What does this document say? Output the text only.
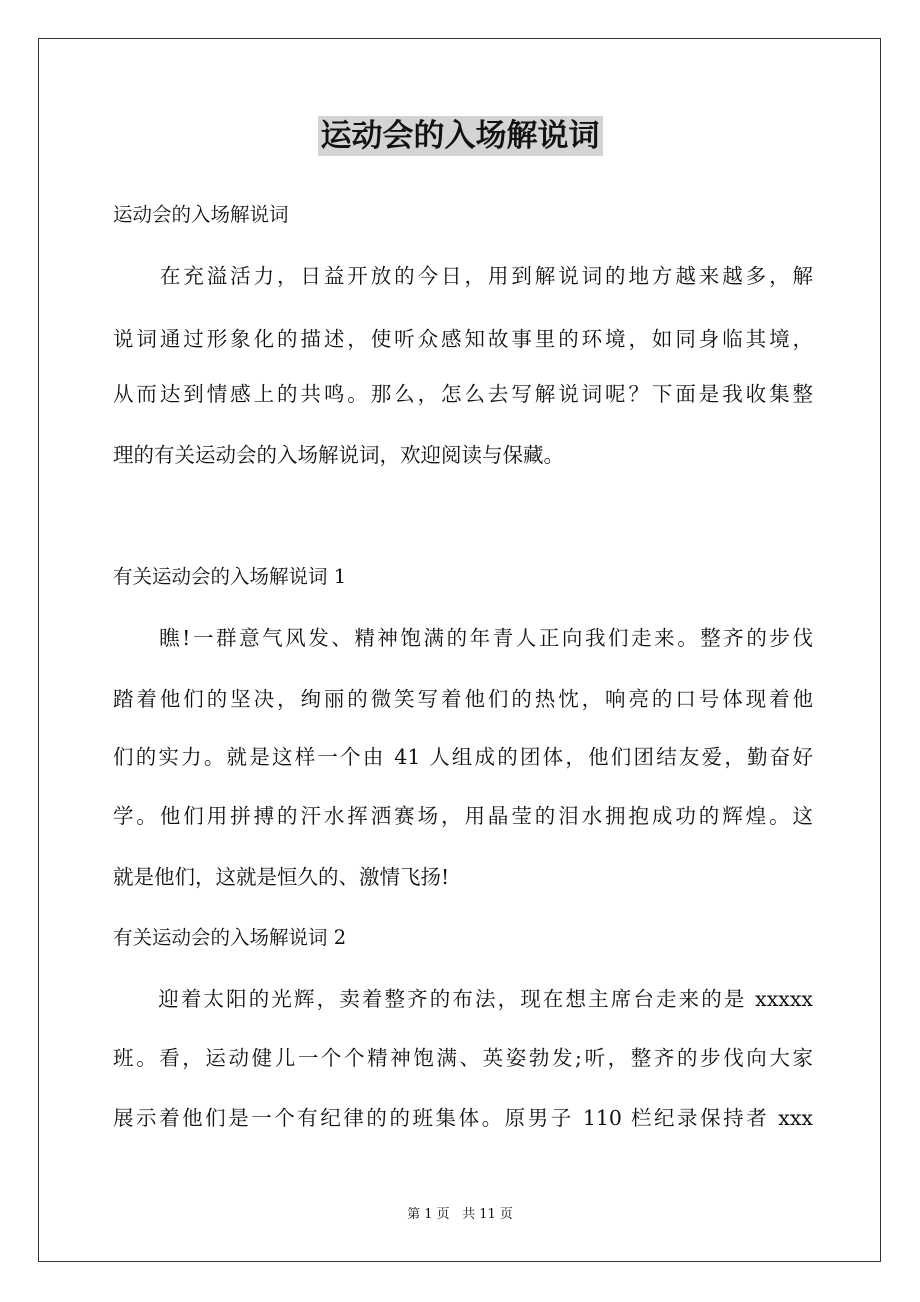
运动会的入场解说词
运动会的入场解说词
　　在充溢活力，日益开放的今日，用到解说词的地方越来越多，解
说词通过形象化的描述，使听众感知故事里的环境，如同身临其境，
从而达到情感上的共鸣。那么，怎么去写解说词呢？下面是我收集整
理的有关运动会的入场解说词，欢迎阅读与保藏。
有关运动会的入场解说词 1
　　瞧!一群意气风发、精神饱满的年青人正向我们走来。整齐的步伐
踏着他们的坚决，绚丽的微笑写着他们的热忱，响亮的口号体现着他
们的实力。就是这样一个由 41 人组成的团体，他们团结友爱，勤奋好
学。他们用拼搏的汗水挥洒赛场，用晶莹的泪水拥抱成功的辉煌。这
就是他们，这就是恒久的、激情飞扬!
有关运动会的入场解说词 2
　　迎着太阳的光辉，卖着整齐的布法，现在想主席台走来的是 xxxxx
班。看，运动健儿一个个精神饱满、英姿勃发;听，整齐的步伐向大家
展示着他们是一个有纪律的的班集体。原男子 110 栏纪录保持者 xxx
第 1 页 共 11 页
